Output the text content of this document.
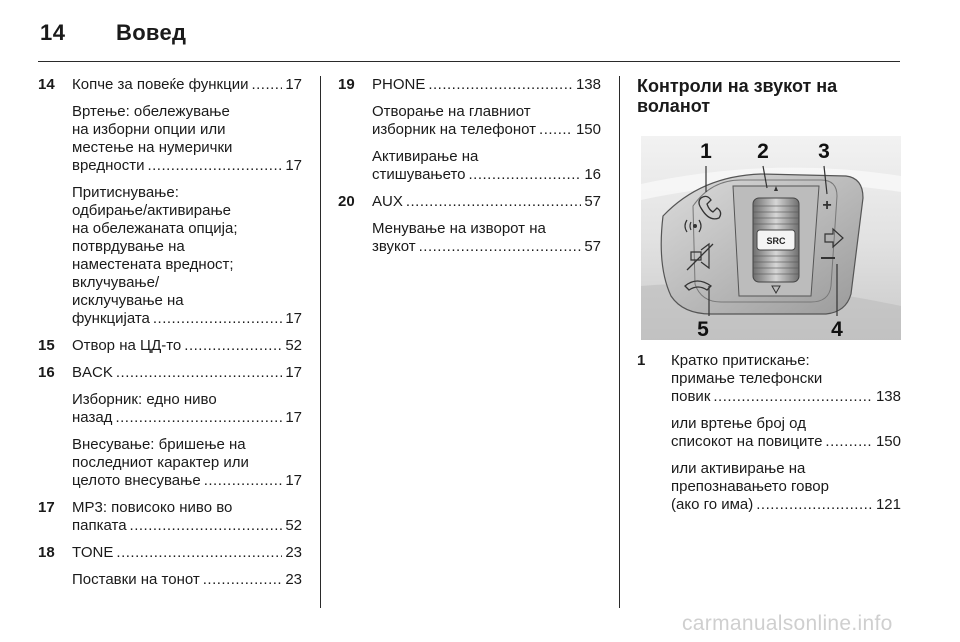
14 Вовед
14 Копче за повеќе функции ..... 17
Вртење: обележување
на изборни опции или
местење на нумерички
вредности .....	17
Притиснување:
одбирање/активирање
на обележаната опција;
потврдување на
наместената вредност;
вклучување/
исклучување на
функцијата .....	17
15 Отвор на ЦД-то .....	52
16 BACK .....	17
Изборник: едно ниво
назад .....	17
Внесување: бришење на
последниот карактер или
целото внесување .....	17
17 MP3: повисоко ниво во
папката .....	52
18 TONE .....	23
Поставки на тонот .....	23
19 PHONE .....	138
Отворање на главниот
изборник на телефонот .....	150
Активирање на
стишувањето .....	16
20 AUX .....	57
Менување на изворот на
звукот .....	57
Контроли на звукот на
воланот
SRC
+
1 2 3
4
5
1 Кратко притискање:
примање телефонски
повик .....	138
или вртење број од
списокот на повиците .....	150
или активирање на
препознавањето говор
(ако го има) .....	121
carmanualsonline.info
